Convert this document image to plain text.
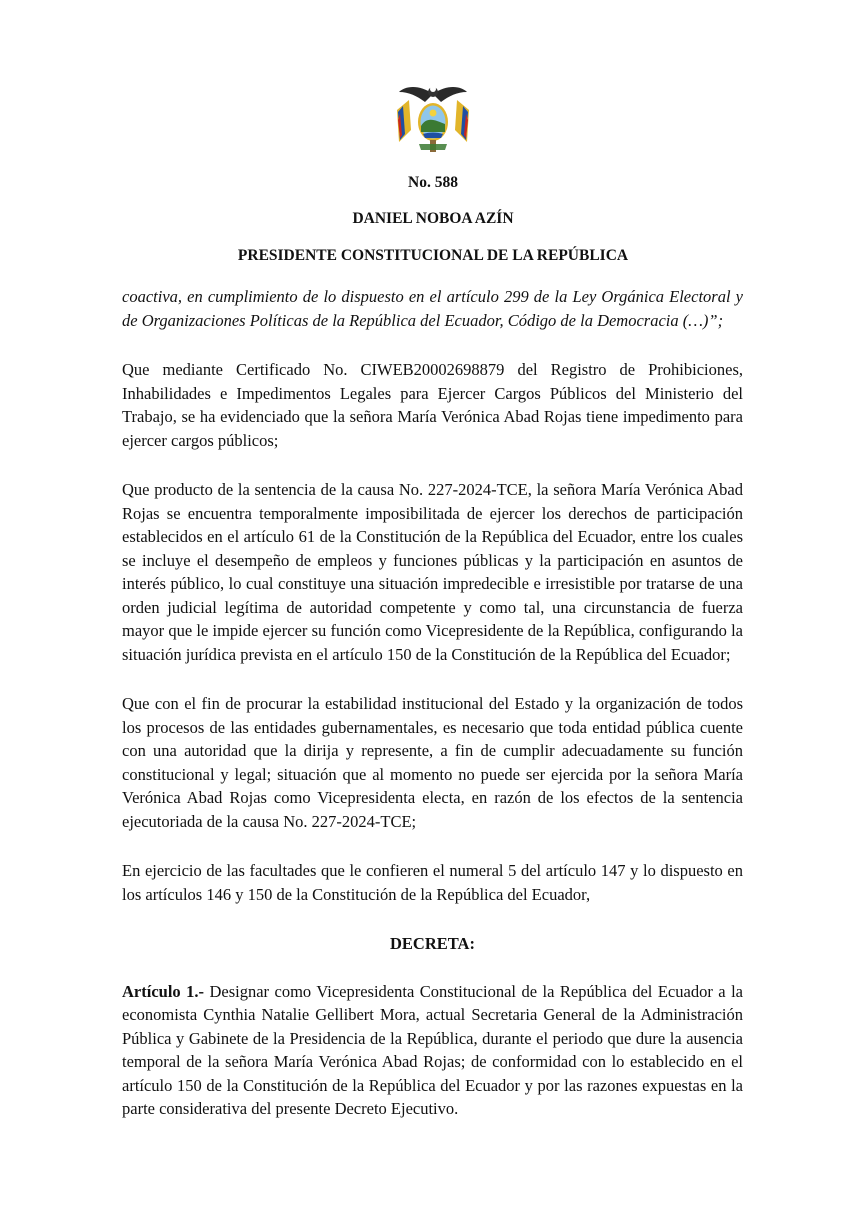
No. 588
DANIEL NOBOA AZÍN
PRESIDENTE CONSTITUCIONAL DE LA REPÚBLICA

coactiva, en cumplimiento de lo dispuesto en el artículo 299 de la Ley Orgánica Electoral y de Organizaciones Políticas de la República del Ecuador, Código de la Democracia (…)”;

Que mediante Certificado No. CIWEB20002698879 del Registro de Prohibiciones, Inhabilidades e Impedimentos Legales para Ejercer Cargos Públicos del Ministerio del Trabajo, se ha evidenciado que la señora María Verónica Abad Rojas tiene impedimento para ejercer cargos públicos;

Que producto de la sentencia de la causa No. 227-2024-TCE, la señora María Verónica Abad Rojas se encuentra temporalmente imposibilitada de ejercer los derechos de participación establecidos en el artículo 61 de la Constitución de la República del Ecuador, entre los cuales se incluye el desempeño de empleos y funciones públicas y la participación en asuntos de interés público, lo cual constituye una situación impredecible e irresistible por tratarse de una orden judicial legítima de autoridad competente y como tal, una circunstancia de fuerza mayor que le impide ejercer su función como Vicepresidente de la República, configurando la situación jurídica prevista en el artículo 150 de la Constitución de la República del Ecuador;

Que con el fin de procurar la estabilidad institucional del Estado y la organización de todos los procesos de las entidades gubernamentales, es necesario que toda entidad pública cuente con una autoridad que la dirija y represente, a fin de cumplir adecuadamente su función constitucional y legal; situación que al momento no puede ser ejercida por la señora María Verónica Abad Rojas como Vicepresidenta electa, en razón de los efectos de la sentencia ejecutoriada de la causa No. 227-2024-TCE;

En ejercicio de las facultades que le confieren el numeral 5 del artículo 147 y lo dispuesto en los artículos 146 y 150 de la Constitución de la República del Ecuador,

DECRETA:

Artículo 1.- Designar como Vicepresidenta Constitucional de la República del Ecuador a la economista Cynthia Natalie Gellibert Mora, actual Secretaria General de la Administración Pública y Gabinete de la Presidencia de la República, durante el periodo que dure la ausencia temporal de la señora María Verónica Abad Rojas; de conformidad con lo establecido en el artículo 150 de la Constitución de la República del Ecuador y por las razones expuestas en la parte considerativa del presente Decreto Ejecutivo.
